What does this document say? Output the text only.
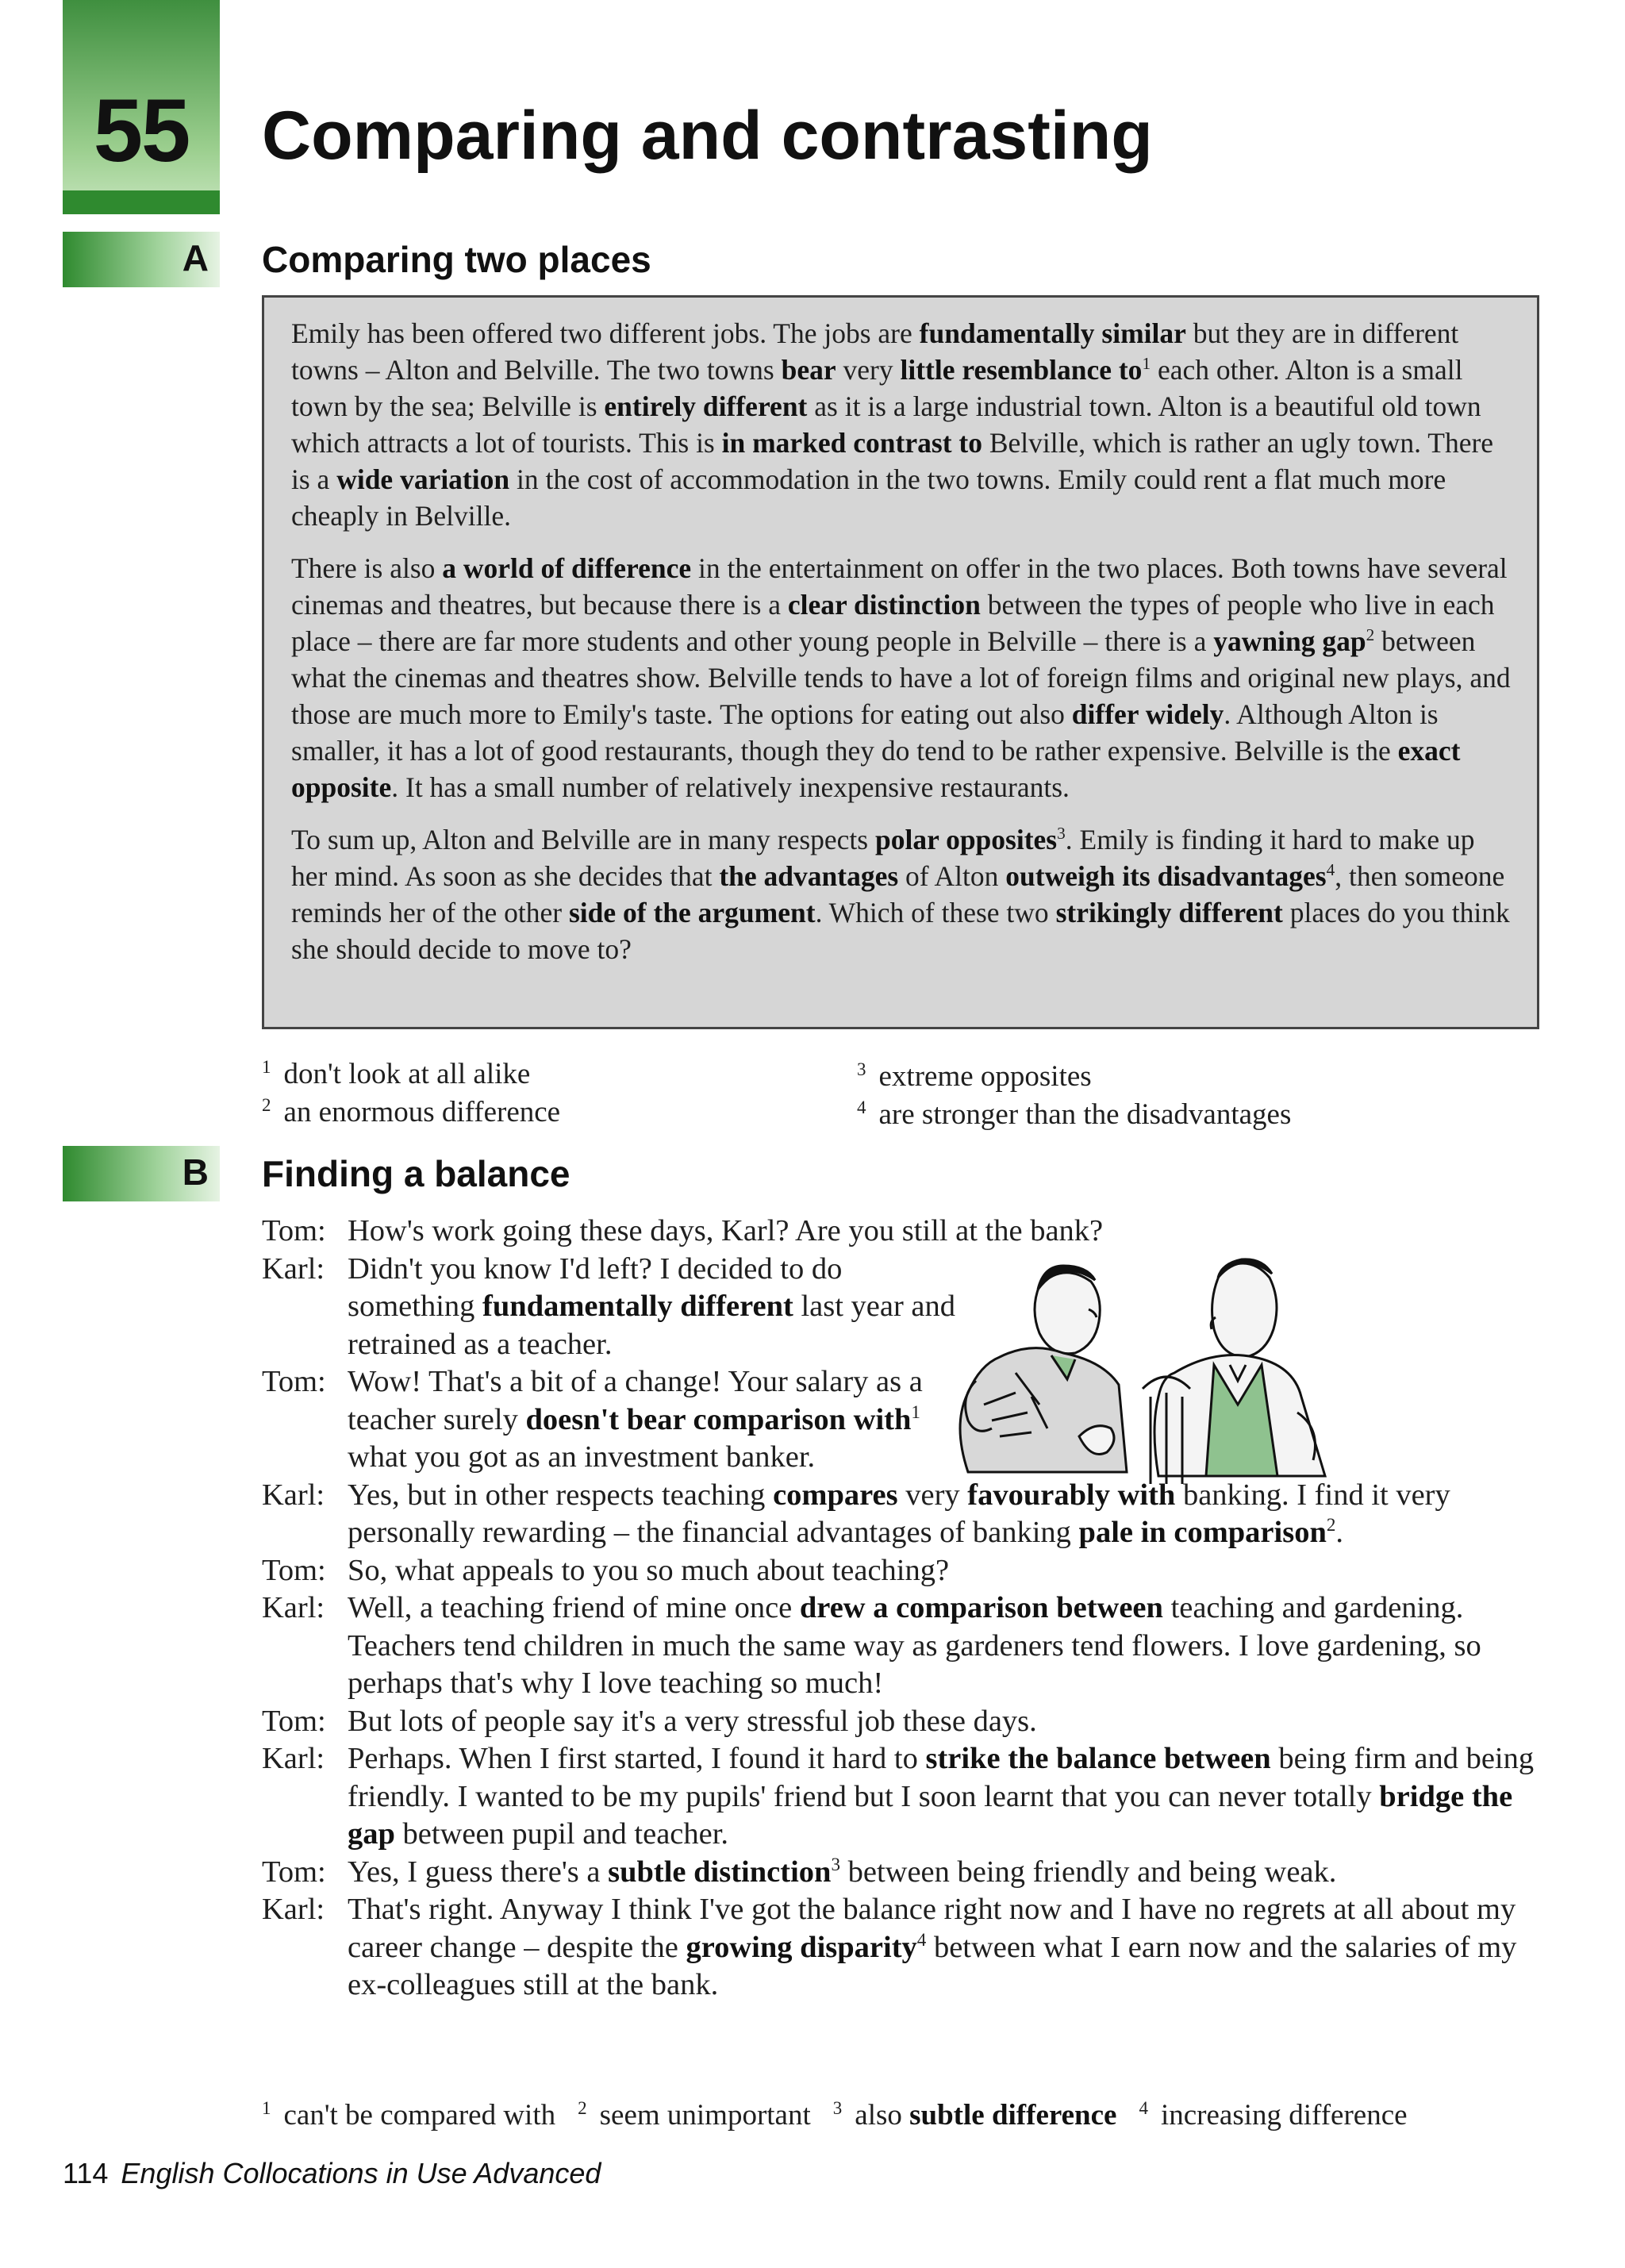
55	Comparing and contrasting
A Comparing two places

Emily has been offered two different jobs. The jobs are fundamentally similar but they are in different towns – Alton and Belville. The two towns bear very little resemblance $to^1$ each other. Alton is a small town by the sea; Belville is entirely different as it is a large industrial town. Alton is a beautiful old town which attracts a lot of tourists. This is in marked contrast to Belville, which is rather an ugly town. There is a wide variation in the cost of accommodation in the two towns. Emily could rent a flat much more cheaply in Belville.

There is also a world of difference in the entertainment on offer in the two places. Both towns have several cinemas and theatres, but because there is a clear distinction between the types of people who live in each place – there are far more students and other young people in Belville – there is a yawning gap$^2$ between what the cinemas and theatres show. Belville tends to have a lot of foreign films and original new plays, and those are much more to Emily's taste. The options for eating out also differ widely. Although Alton is smaller, it has a lot of good restaurants, though they do tend to be rather expensive. Belville is the exact opposite. It has a small number of relatively inexpensive restaurants.

To sum up, Alton and Belville are in many respects polar opposites$^3$. Emily is finding it hard to make up her mind. As soon as she decides that the advantages of Alton outweigh its disadvantages$^4$, then someone reminds her of the other side of the argument. Which of these two strikingly different places do you think she should decide to move to?

$^1$ don't look at all alike
$^2$ an enormous difference
$^3$ extreme opposites
$^4$ are stronger than the disadvantages
B Finding a balance
Tom: How's work going these days, Karl? Are you still at the bank?
Karl: Didn't you know I'd left? I decided to do something fundamentally different last year and retrained as a teacher.
Tom: Wow! That's a bit of a change! Your salary as a teacher surely doesn't bear comparison with$^1$ what you got as an investment banker.
Karl: Yes, but in other respects teaching compares very favourably with banking. I find it very personally rewarding – the financial advantages of banking pale in comparison$^2$.
Tom: So, what appeals to you so much about teaching?
Karl: Well, a teaching friend of mine once drew a comparison between teaching and gardening. Teachers tend children in much the same way as gardeners tend flowers. I love gardening, so perhaps that's why I love teaching so much!
Tom: But lots of people say it's a very stressful job these days.
Karl: Perhaps. When I first started, I found it hard to strike the balance between being firm and being friendly. I wanted to be my pupils' friend but I soon learnt that you can never totally bridge the gap between pupil and teacher.
Tom: Yes, I guess there's a subtle distinction$^3$ between being friendly and being weak.
Karl: That's right. Anyway I think I've got the balance right now and I have no regrets at all about my career change – despite the growing disparity$^4$ between what I earn now and the salaries of my ex-colleagues still at the bank.
$^1$ can't be compared with $^2$ seem unimportant $^3$ also subtle difference $^4$ increasing difference
114 English Collocations in Use Advanced
